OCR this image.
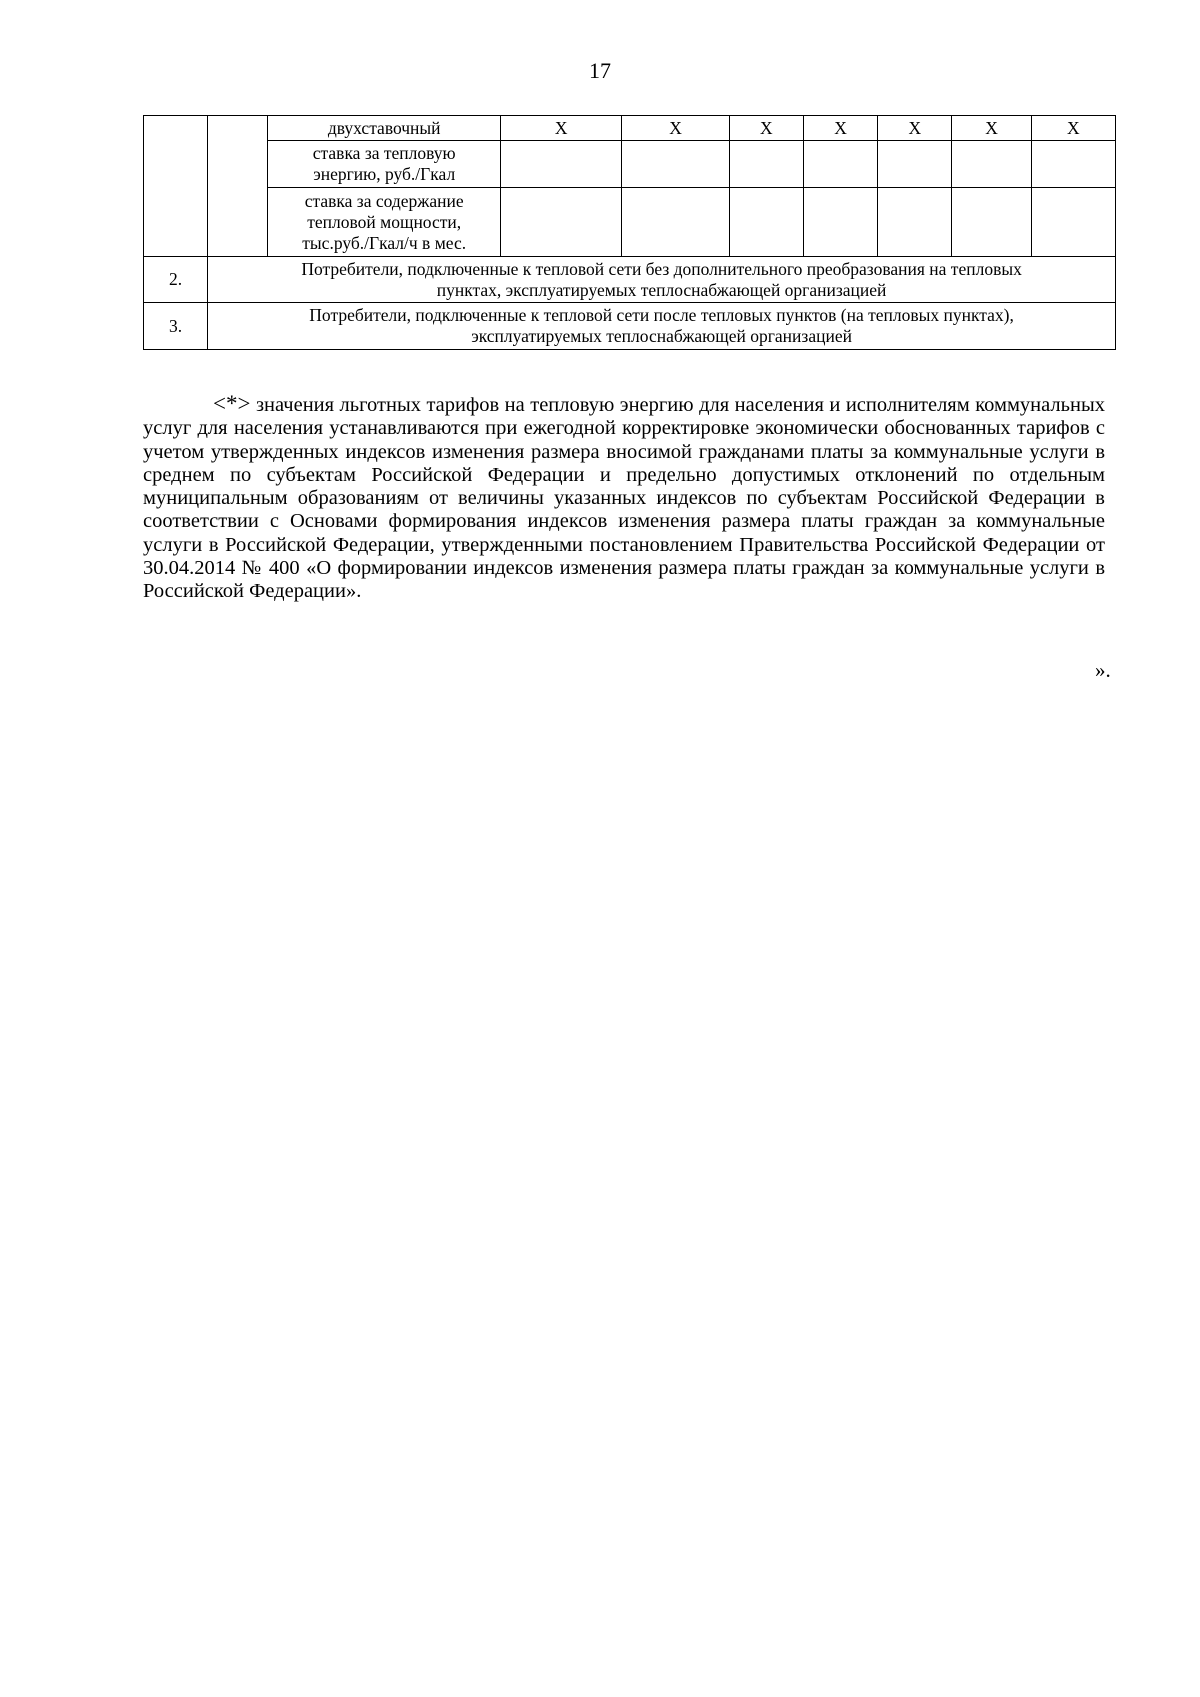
17
		двухставочный	X	X	X	X	X	X	X

		ставка за тепловую
энергию, руб./Гкал							

		ставка за содержание
тепловой мощности,
тыс.руб./Гкал/ч в мес.							

2.	Потребители, подключенные к тепловой сети без дополнительного преобразования на тепловых
пунктах, эксплуатируемых теплоснабжающей организацией								

3.	Потребители, подключенные к тепловой сети после тепловых пунктов (на тепловых пунктах),
эксплуатируемых теплоснабжающей организацией								

<*> значения льготных тарифов на тепловую энергию для населения и исполнителям коммунальных услуг для населения устанавливаются при ежегодной корректировке экономически обоснованных тарифов с учетом утвержденных индексов изменения размера вносимой гражданами платы за коммунальные услуги в среднем по субъектам Российской Федерации и предельно допустимых отклонений по отдельным муниципальным образованиям от величины указанных индексов по субъектам Российской Федерации в соответствии с Основами формирования индексов изменения размера платы граждан за коммунальные услуги в Российской Федерации, утвержденными постановлением Правительства Российской Федерации от 30.04.2014 № 400 «О формировании индексов изменения размера платы граждан за коммунальные услуги в Российской Федерации».

».
